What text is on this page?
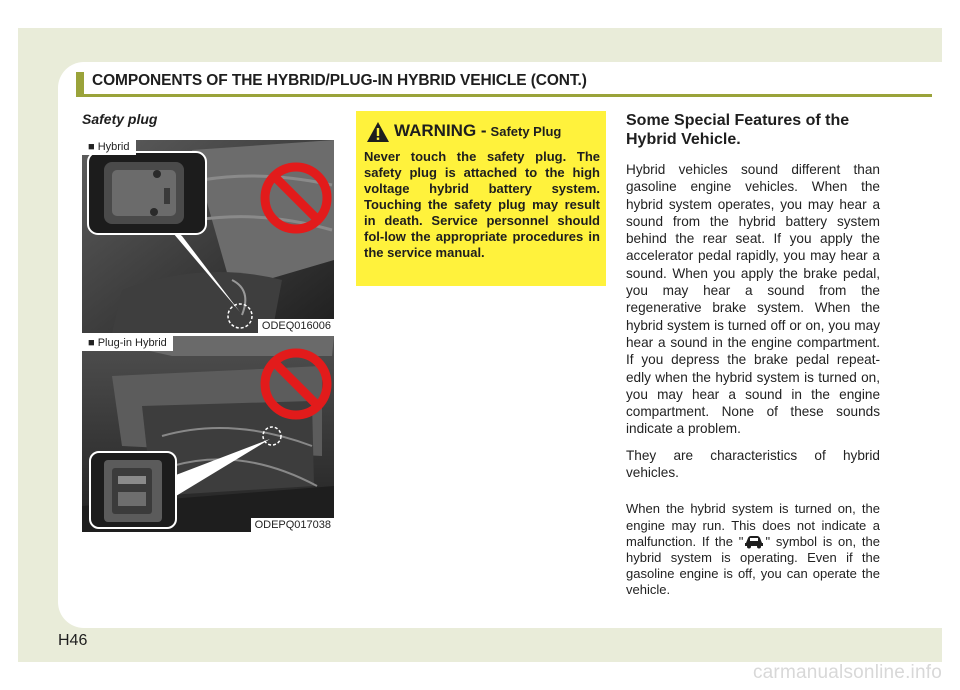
COMPONENTS OF THE HYBRID/PLUG-IN HYBRID VEHICLE (CONT.)
Safety plug
■ Hybrid
ODEQ016006
■ Plug-in Hybrid
ODEPQ017038
WARNING - Safety Plug
Never touch the safety plug. The safety plug is attached to the high voltage hybrid battery system. Touching the safety plug may result in death. Service personnel should fol-low the appropriate procedures in the service manual.
Some Special Features of the Hybrid Vehicle.

Hybrid vehicles sound different than gasoline engine vehicles. When the hybrid system operates, you may hear a sound from the hybrid battery system behind the rear seat. If you apply the accelerator pedal rapidly, you may hear a sound. When you apply the brake pedal, you may hear a sound from the regenerative brake system. When the hybrid system is turned off or on, you may hear a sound in the engine compartment. If you depress the brake pedal repeat-edly when the hybrid system is turned on, you may hear a sound in the engine compartment. None of these sounds indicate a problem.

They are characteristics of hybrid vehicles.

When the hybrid system is turned on, the engine may run. This does not indicate a malfunction. If the " " symbol is on, the hybrid system is operating. Even if the gasoline engine is off, you can operate the vehicle.

H46
carmanualsonline.info
